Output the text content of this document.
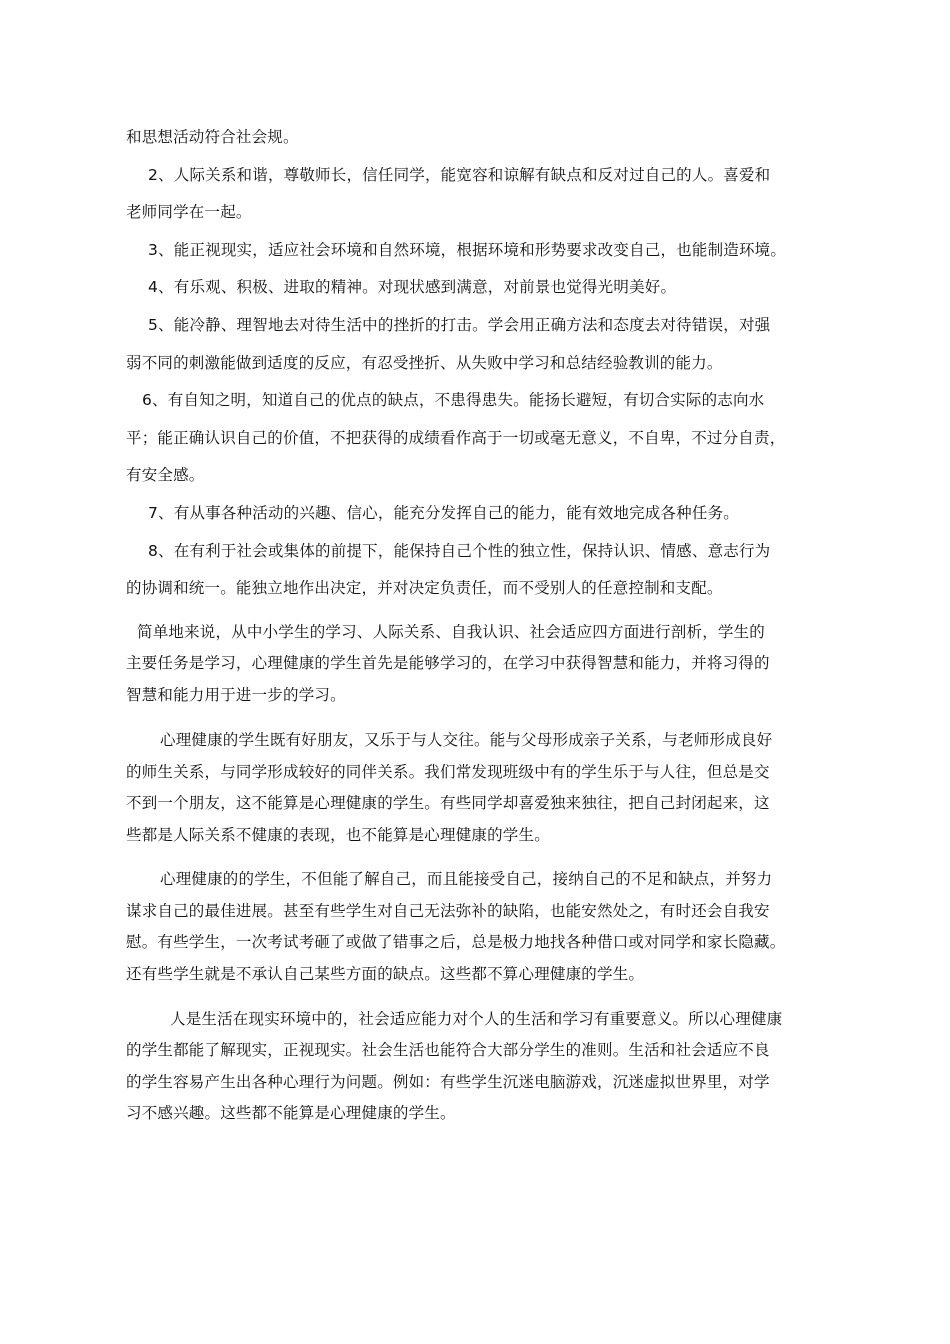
和思想活动符合社会规。
2、人际关系和谐，尊敬师长，信任同学，能宽容和谅解有缺点和反对过自己的人。喜爱和
老师同学在一起。
3、能正视现实，适应社会环境和自然环境，根据环境和形势要求改变自己，也能制造环境。
4、有乐观、积极、进取的精神。对现状感到满意，对前景也觉得光明美好。
5、能冷静、理智地去对待生活中的挫折的打击。学会用正确方法和态度去对待错误，对强
弱不同的刺激能做到适度的反应，有忍受挫折、从失败中学习和总结经验教训的能力。
6、有自知之明，知道自己的优点的缺点，不患得患失。能扬长避短，有切合实际的志向水
平；能正确认识自己的价值，不把获得的成绩看作高于一切或毫无意义，不自卑，不过分自责，
有安全感。
7、有从事各种活动的兴趣、信心，能充分发挥自己的能力，能有效地完成各种任务。
8、在有利于社会或集体的前提下，能保持自己个性的独立性，保持认识、情感、意志行为
的协调和统一。能独立地作出决定，并对决定负责任，而不受别人的任意控制和支配。
简单地来说，从中小学生的学习、人际关系、自我认识、社会适应四方面进行剖析，学生的
主要任务是学习，心理健康的学生首先是能够学习的，在学习中获得智慧和能力，并将习得的
智慧和能力用于进一步的学习。
心理健康的学生既有好朋友，又乐于与人交往。能与父母形成亲子关系，与老师形成良好
的师生关系，与同学形成较好的同伴关系。我们常发现班级中有的学生乐于与人往，但总是交
不到一个朋友，这不能算是心理健康的学生。有些同学却喜爱独来独往，把自己封闭起来，这
些都是人际关系不健康的表现，也不能算是心理健康的学生。
心理健康的的学生，不但能了解自己，而且能接受自己，接纳自己的不足和缺点，并努力
谋求自己的最佳进展。甚至有些学生对自己无法弥补的缺陷，也能安然处之，有时还会自我安
慰。有些学生，一次考试考砸了或做了错事之后，总是极力地找各种借口或对同学和家长隐藏。
还有些学生就是不承认自己某些方面的缺点。这些都不算心理健康的学生。
人是生活在现实环境中的，社会适应能力对个人的生活和学习有重要意义。所以心理健康
的学生都能了解现实，正视现实。社会生活也能符合大部分学生的准则。生活和社会适应不良
的学生容易产生出各种心理行为问题。例如：有些学生沉迷电脑游戏，沉迷虚拟世界里，对学
习不感兴趣。这些都不能算是心理健康的学生。
